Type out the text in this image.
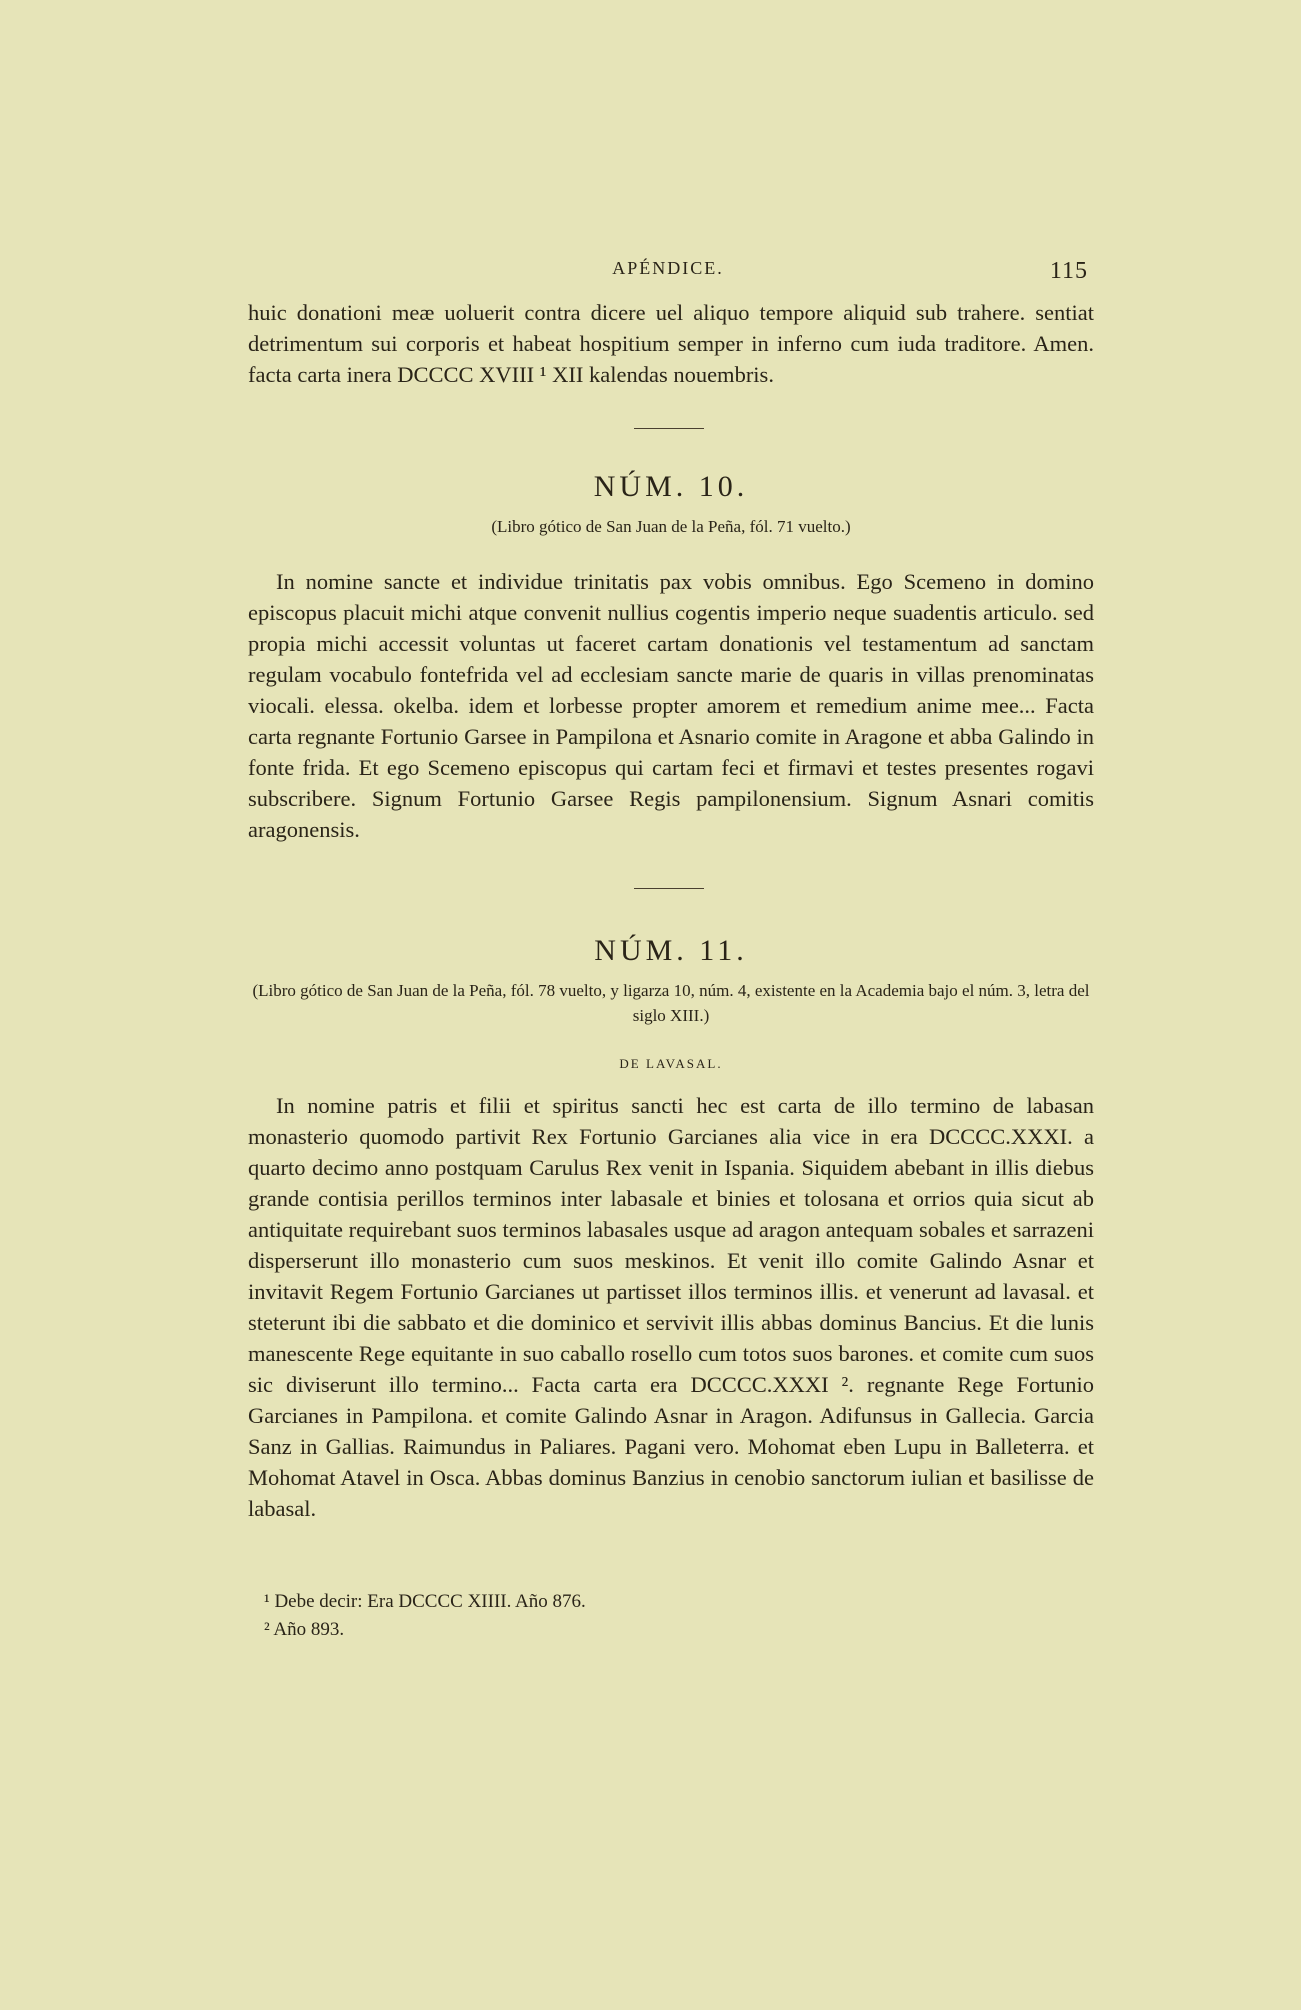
APÉNDICE.	115

huic donationi meæ uoluerit contra dicere uel aliquo tempore aliquid sub trahere. sentiat detrimentum sui corporis et habeat hospitium semper in inferno cum iuda traditore. Amen. facta carta inera DCCCC XVIII ¹ XII kalendas nouembris.

NÚM. 10.

(Libro gótico de San Juan de la Peña, fól. 71 vuelto.)

In nomine sancte et individue trinitatis pax vobis omnibus. Ego Scemeno in domino episcopus placuit michi atque convenit nullius cogentis imperio neque suadentis articulo. sed propia michi accessit voluntas ut faceret cartam donationis vel testamentum ad sanctam regulam vocabulo fontefrida vel ad ecclesiam sancte marie de quaris in villas prenominatas viocali. elessa. okelba. idem et lorbesse propter amorem et remedium anime mee... Facta carta regnante Fortunio Garsee in Pampilona et Asnario comite in Aragone et abba Galindo in fonte frida. Et ego Scemeno episcopus qui cartam feci et firmavi et testes presentes rogavi subscribere. Signum Fortunio Garsee Regis pampilonensium. Signum Asnari comitis aragonensis.

NÚM. 11.

(Libro gótico de San Juan de la Peña, fól. 78 vuelto, y ligarza 10, núm. 4, existente en la Academia bajo el núm. 3, letra del siglo XIII.)

DE LAVASAL.

In nomine patris et filii et spiritus sancti hec est carta de illo termino de labasan monasterio quomodo partivit Rex Fortunio Garcianes alia vice in era DCCCC.XXXI. a quarto decimo anno postquam Carulus Rex venit in Ispania. Siquidem abebant in illis diebus grande contisia perillos terminos inter labasale et binies et tolosana et orrios quia sicut ab antiquitate requirebant suos terminos labasales usque ad aragon antequam sobales et sarrazeni disperserunt illo monasterio cum suos meskinos. Et venit illo comite Galindo Asnar et invitavit Regem Fortunio Garcianes ut partisset illos terminos illis. et venerunt ad lavasal. et steterunt ibi die sabbato et die dominico et servivit illis abbas dominus Bancius. Et die lunis manescente Rege equitante in suo caballo rosello cum totos suos barones. et comite cum suos sic diviserunt illo termino... Facta carta era DCCCC.XXXI ². regnante Rege Fortunio Garcianes in Pampilona. et comite Galindo Asnar in Aragon. Adifunsus in Gallecia. Garcia Sanz in Gallias. Raimundus in Paliares. Pagani vero. Mohomat eben Lupu in Balleterra. et Mohomat Atavel in Osca. Abbas dominus Banzius in cenobio sanctorum iulian et basilisse de labasal.

¹ Debe decir: Era DCCCC XIIII. Año 876.
² Año 893.
